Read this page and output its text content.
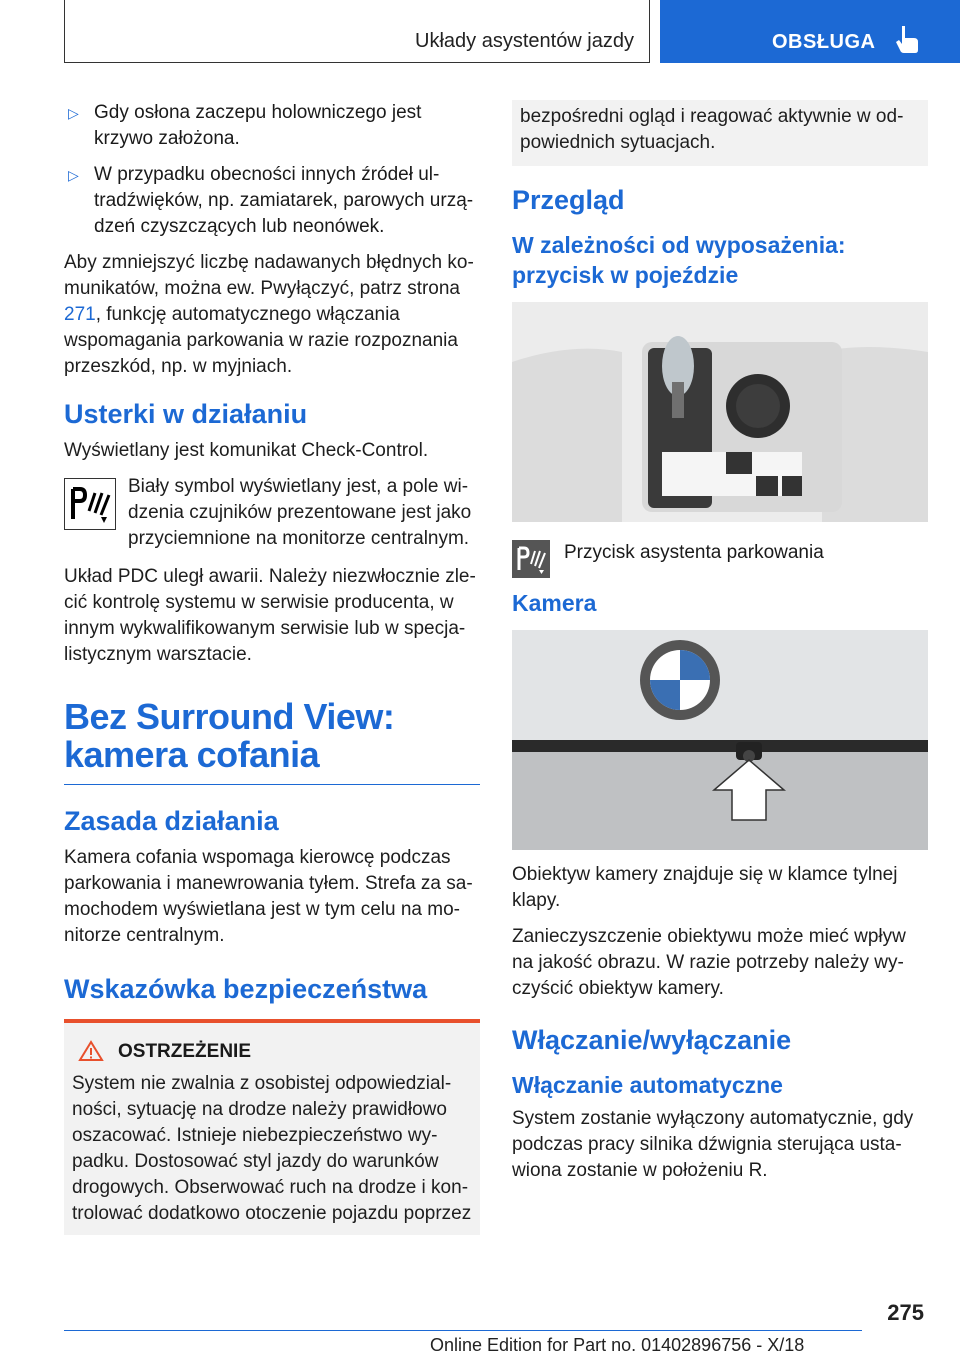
Układy asystentów jazdy	OBSŁUGA
▷ Gdy osłona zaczepu holowniczego jest krzywo założona.
▷ W przypadku obecności innych źródeł ultradźwięków, np. zamiatarek, parowych urządzeń czyszczących lub neonówek.

Aby zmniejszyć liczbę nadawanych błędnych komunikatów, można ew. Pwyłączyć, patrz strona 271, funkcję automatycznego włączania wspomagania parkowania w razie rozpoznania przeszkód, np. w myjniach.

Usterki w działaniu

Wyświetlany jest komunikat Check-Control.

Biały symbol wyświetlany jest, a pole widzenia czujników prezentowane jest jako przyciemnione na monitorze centralnym.

Układ PDC uległ awarii. Należy niezwłocznie zlecić kontrolę systemu w serwisie producenta, w innym wykwalifikowanym serwisie lub w specjalistycznym warsztacie.

Bez Surround View: kamera cofania
Zasada działania

Kamera cofania wspomaga kierowcę podczas parkowania i manewrowania tyłem. Strefa za samochodem wyświetlana jest w tym celu na monitorze centralnym.

Wskazówka bezpieczeństwa
OSTRZEŻENIE

System nie zwalnia z osobistej odpowiedzialności, sytuację na drodze należy prawidłowo oszacować. Istnieje niebezpieczeństwo wypadku. Dostosować styl jazdy do warunków drogowych. Obserwować ruch na drodze i kontrolować dodatkowo otoczenie pojazdu poprzez

bezpośredni ogląd i reagować aktywnie w odpowiednich sytuacjach.

Przegląd
W zależności od wyposażenia: przycisk w pojeździe
Przycisk asystenta parkowania
Kamera

Obiektyw kamery znajduje się w klamce tylnej klapy.

Zanieczyszczenie obiektywu może mieć wpływ na jakość obrazu. W razie potrzeby należy wyczyścić obiektyw kamery.

Włączanie/wyłączanie
Włączanie automatyczne

System zostanie wyłączony automatycznie, gdy podczas pracy silnika dźwignia sterująca ustawiona zostanie w położeniu R.

275
Online Edition for Part no. 01402896756 - X/18
